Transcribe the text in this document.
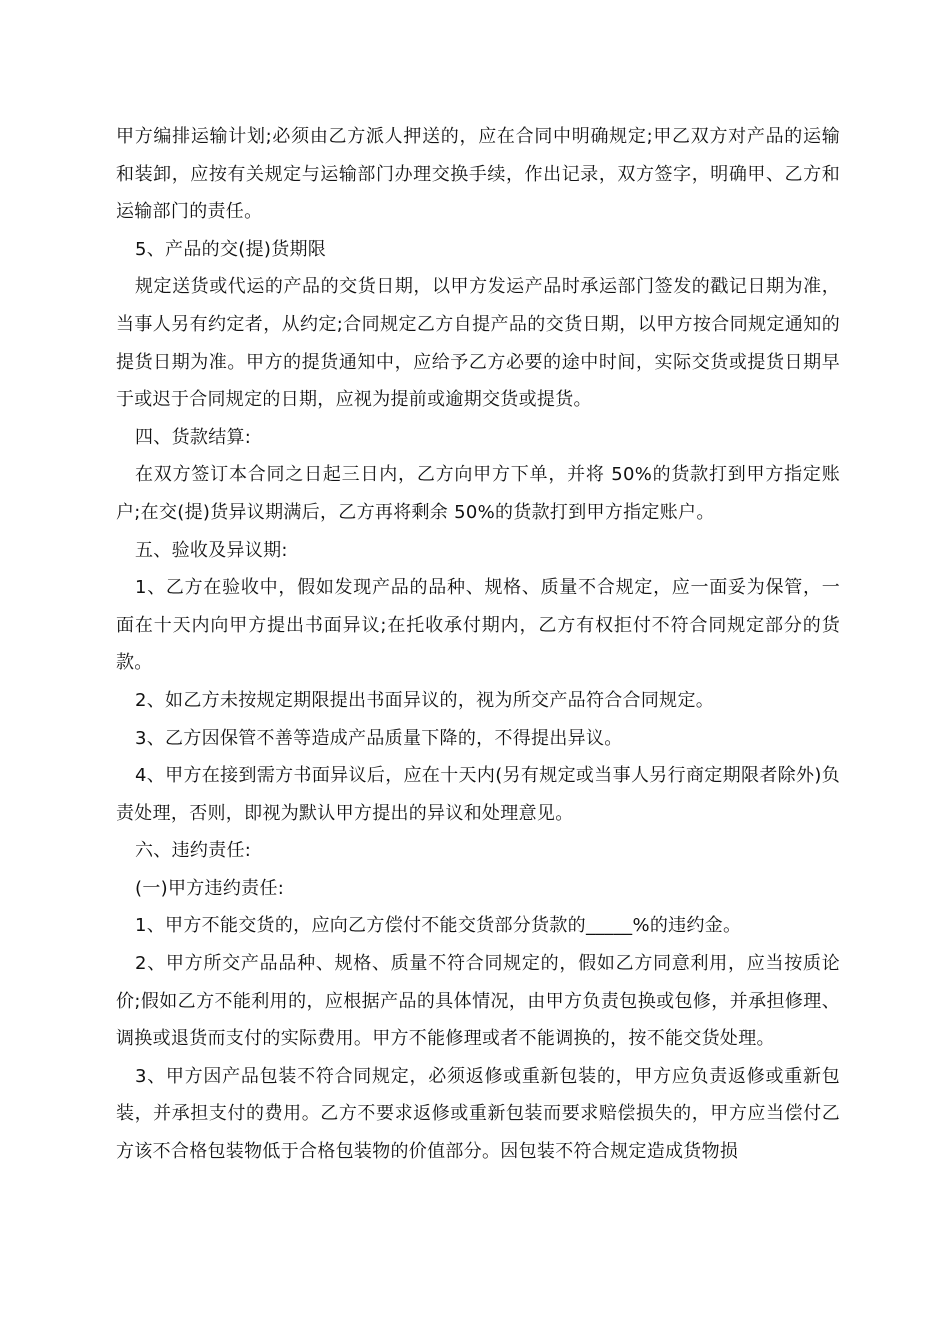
甲方编排运输计划;必须由乙方派人押送的，应在合同中明确规定;甲乙双方对产品的运输和装卸，应按有关规定与运输部门办理交换手续，作出记录，双方签字，明确甲、乙方和运输部门的责任。

5、产品的交(提)货期限

规定送货或代运的产品的交货日期，以甲方发运产品时承运部门签发的戳记日期为准，当事人另有约定者，从约定;合同规定乙方自提产品的交货日期，以甲方按合同规定通知的提货日期为准。甲方的提货通知中，应给予乙方必要的途中时间，实际交货或提货日期早于或迟于合同规定的日期，应视为提前或逾期交货或提货。

四、货款结算:

在双方签订本合同之日起三日内，乙方向甲方下单，并将 50%的货款打到甲方指定账户;在交(提)货异议期满后，乙方再将剩余 50%的货款打到甲方指定账户。

五、验收及异议期:

1、乙方在验收中，假如发现产品的品种、规格、质量不合规定，应一面妥为保管，一面在十天内向甲方提出书面异议;在托收承付期内，乙方有权拒付不符合同规定部分的货款。

2、如乙方未按规定期限提出书面异议的，视为所交产品符合合同规定。

3、乙方因保管不善等造成产品质量下降的，不得提出异议。

4、甲方在接到需方书面异议后，应在十天内(另有规定或当事人另行商定期限者除外)负责处理，否则，即视为默认甲方提出的异议和处理意见。

六、违约责任:

(一)甲方违约责任:

1、甲方不能交货的，应向乙方偿付不能交货部分货款的_____%的违约金。

2、甲方所交产品品种、规格、质量不符合同规定的，假如乙方同意利用，应当按质论价;假如乙方不能利用的，应根据产品的具体情况，由甲方负责包换或包修，并承担修理、调换或退货而支付的实际费用。甲方不能修理或者不能调换的，按不能交货处理。

3、甲方因产品包装不符合同规定，必须返修或重新包装的，甲方应负责返修或重新包装，并承担支付的费用。乙方不要求返修或重新包装而要求赔偿损失的，甲方应当偿付乙方该不合格包装物低于合格包装物的价值部分。因包装不符合规定造成货物损
